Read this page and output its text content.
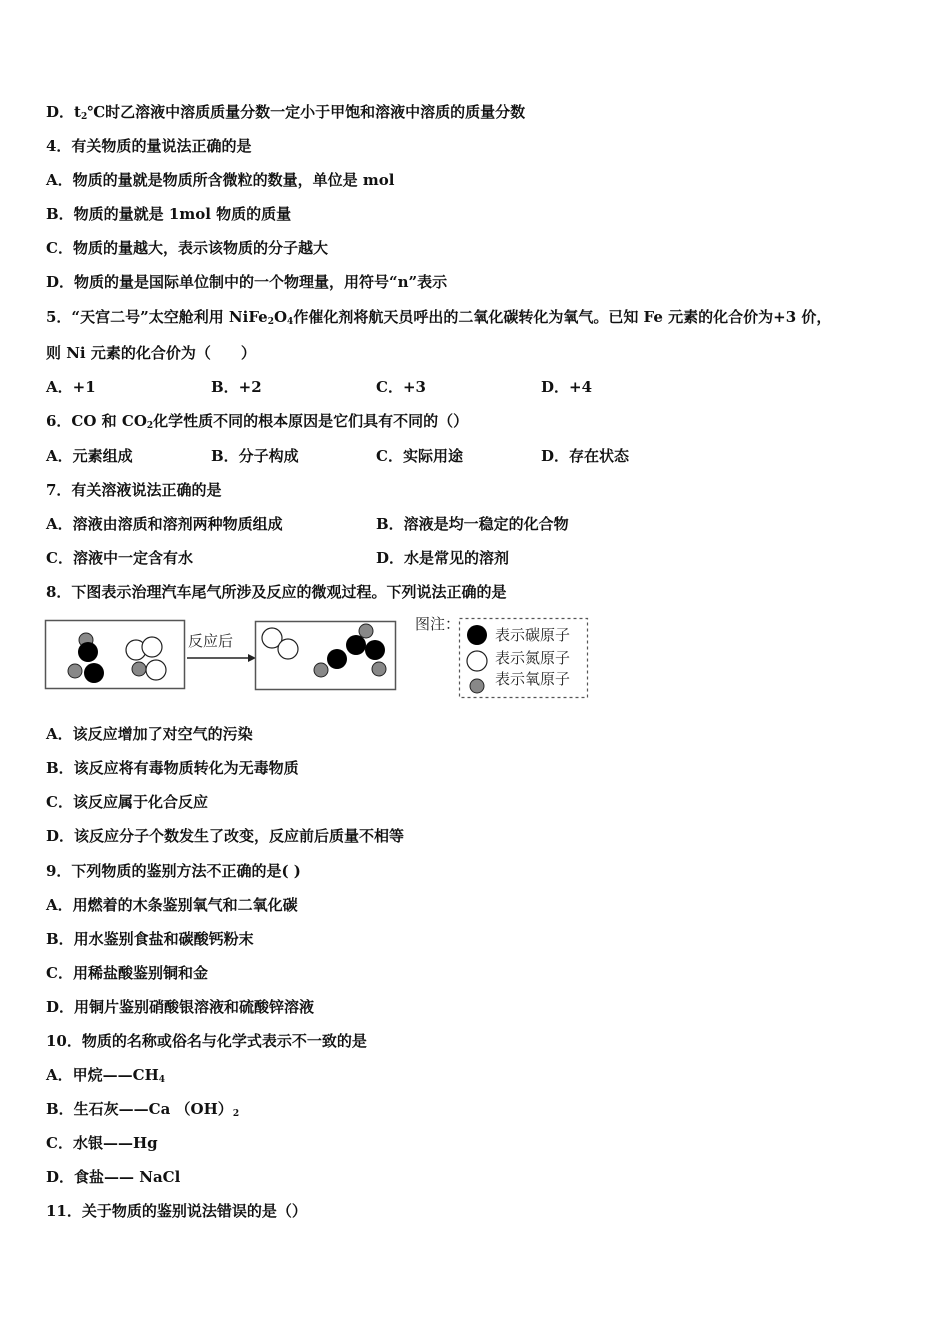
D．$t_2℃$时乙溶液中溶质质量分数一定小于甲饱和溶液中溶质的质量分数
4．有关物质的量说法正确的是
A．物质的量就是物质所含微粒的数量，单位是 mol
B．物质的量就是 1mol 物质的质量
C．物质的量越大，表示该物质的分子越大
D．物质的量是国际单位制中的一个物理量，用符号“n”表示
5．“天宫二号”太空舱利用 $NiFe_2O_4$作催化剂将航天员呼出的二氧化碳转化为氧气。已知 Fe 元素的化合价为+3 价，
则 Ni 元素的化合价为（　　）
A．+1	B．+2	C．+3	D．+4
6．CO 和 $CO_2$化学性质不同的根本原因是它们具有不同的（）
A．元素组成	B．分子构成	C．实际用途	D．存在状态
7．有关溶液说法正确的是
A．溶液由溶质和溶剂两种物质组成	B．溶液是均一稳定的化合物
C．溶液中一定含有水	D．水是常见的溶剂
8．下图表示治理汽车尾气所涉及反应的微观过程。下列说法正确的是
反应后
图注：
表示碳原子
表示氮原子
表示氧原子
A．该反应增加了对空气的污染
B．该反应将有毒物质转化为无毒物质
C．该反应属于化合反应
D．该反应分子个数发生了改变，反应前后质量不相等
9．下列物质的鉴别方法不正确的是( )
A．用燃着的木条鉴别氧气和二氧化碳
B．用水鉴别食盐和碳酸钙粉末
C．用稀盐酸鉴别铜和金
D．用铜片鉴别硝酸银溶液和硫酸锌溶液
10．物质的名称或俗名与化学式表示不一致的是
A．甲烷$——CH_4$
B．生石灰——Ca $(OH)_2$
C．水银——Hg
D．食盐—— NaCl
11．关于物质的鉴别说法错误的是（）
